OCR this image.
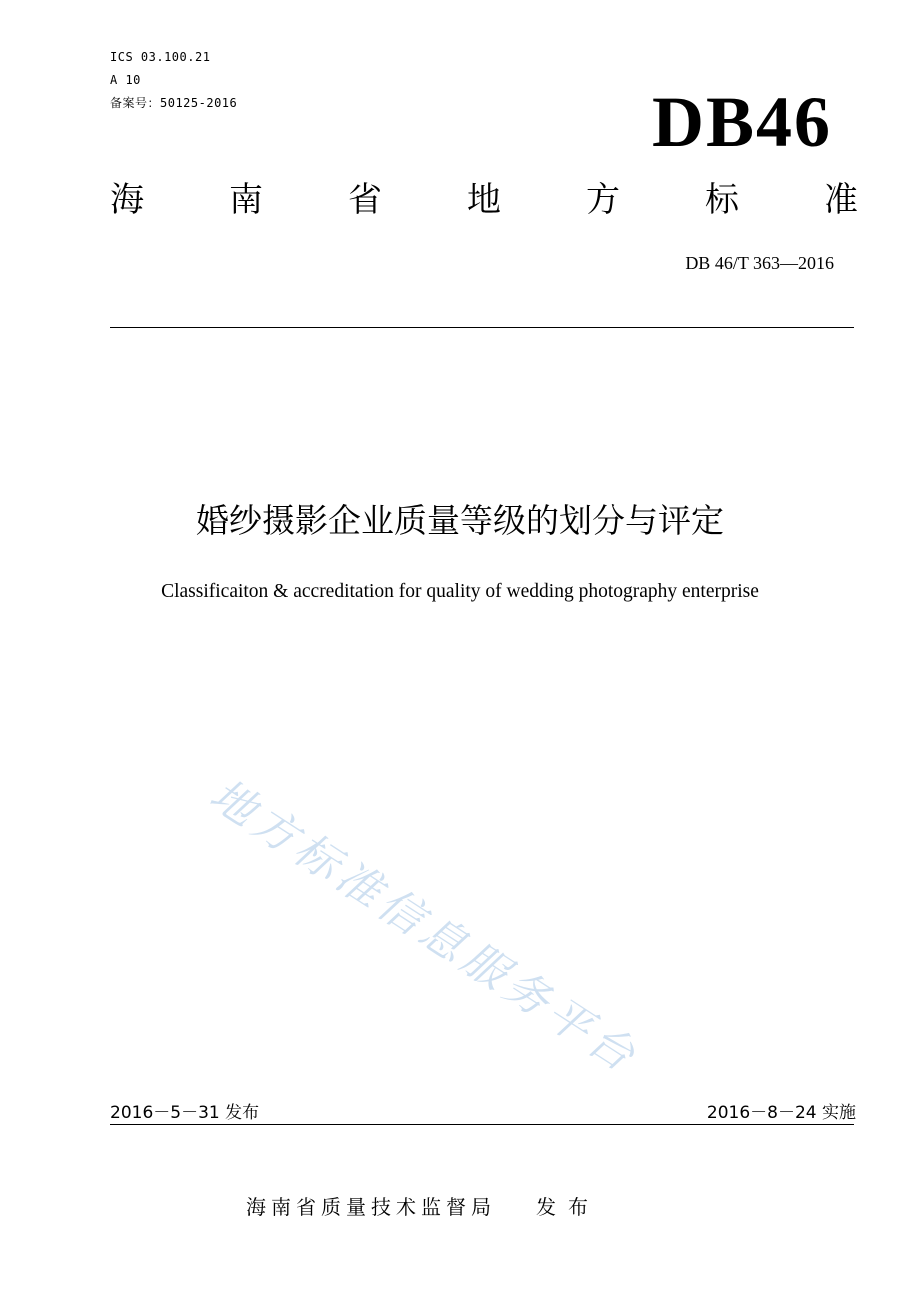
ICS 03.100.21
A 10
备案号：50125-2016	DB46
海	南	省	地	方	标	准
DB 46/T 363—2016
婚纱摄影企业质量等级的划分与评定
Classificaiton & accreditation for quality of wedding photography enterprise
地方标准信息服务平台
2016－5－31 发布	2016－8－24 实施
海南省质量技术监督局 发布
